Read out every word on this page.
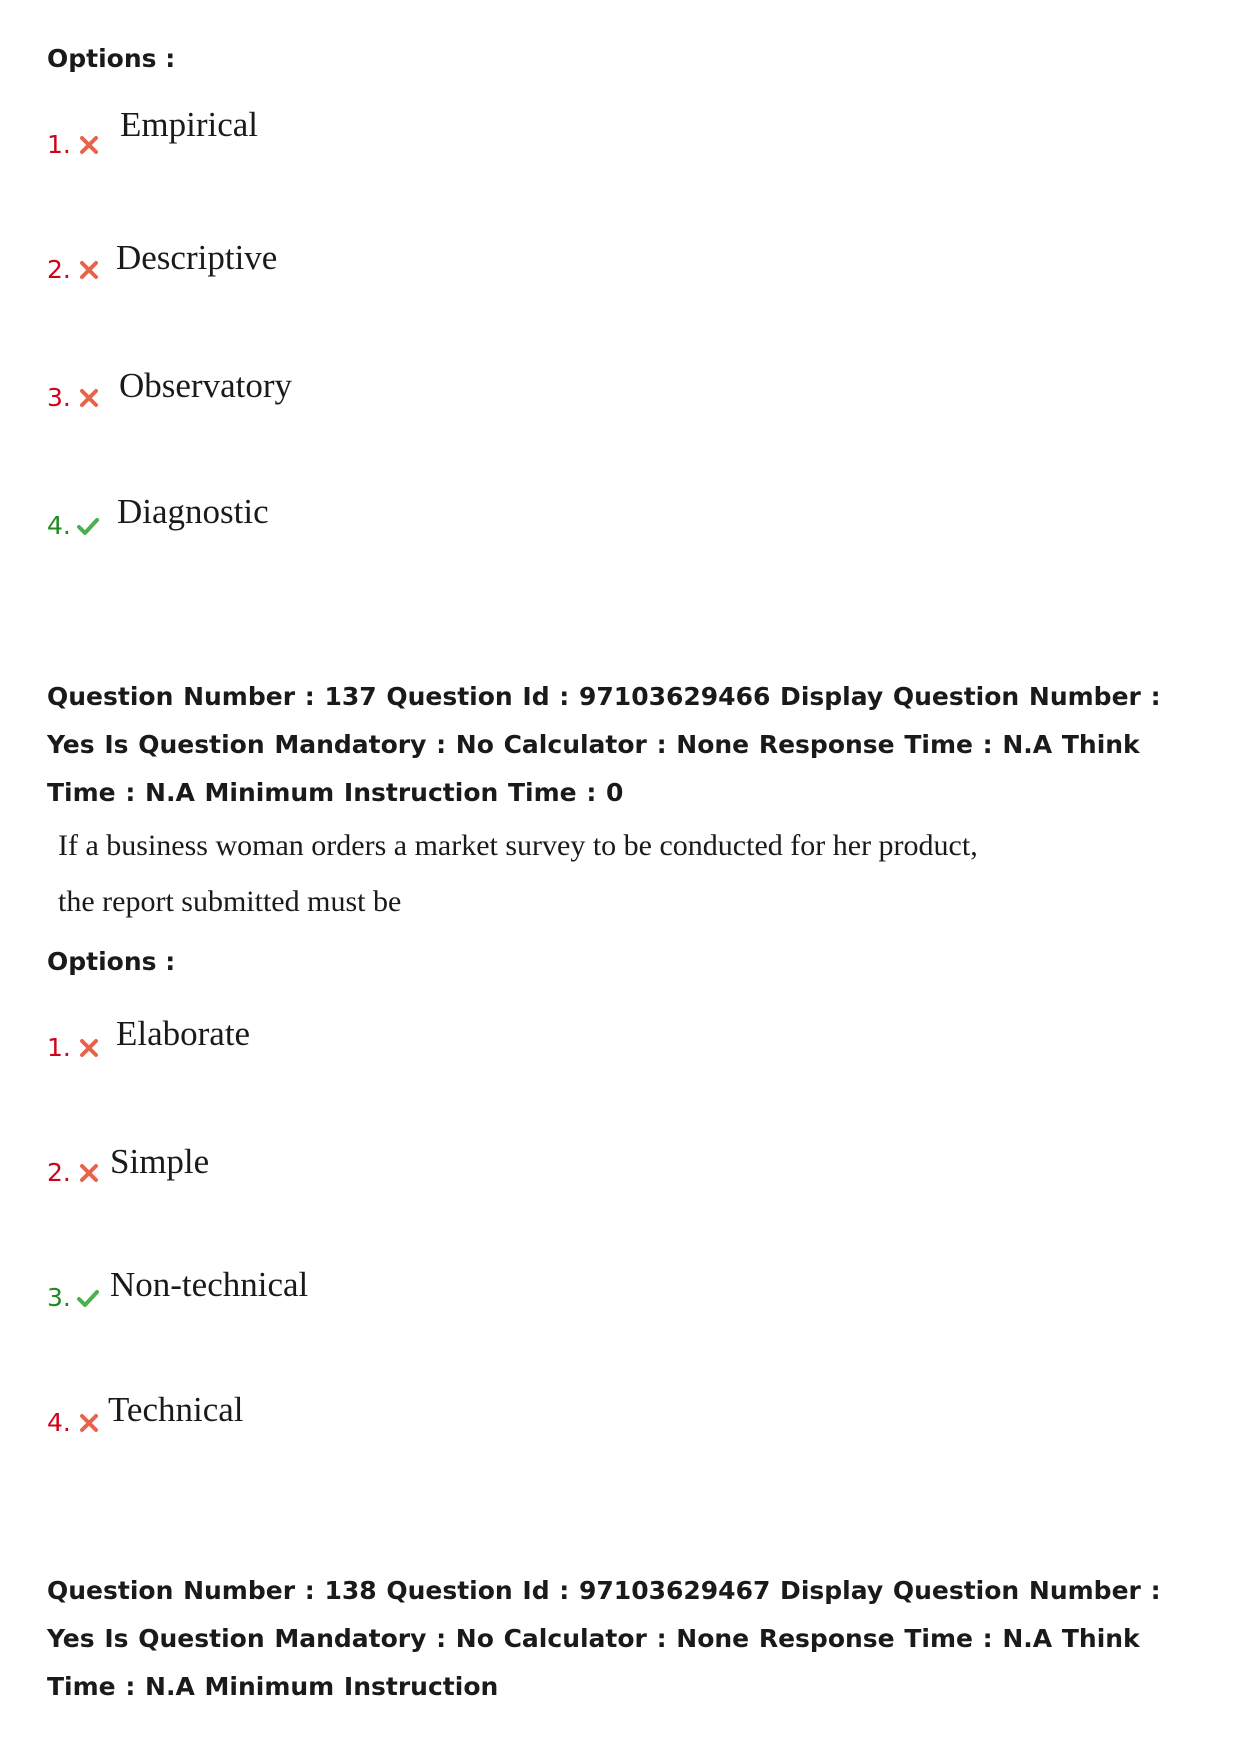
Options :
1.
Empirical
2. Descriptive
3. Observatory
4. Diagnostic
Question Number : 137 Question Id : 97103629466 Display Question Number : Yes Is Question Mandatory : No Calculator : None Response Time : N.A Think Time : N.A Minimum Instruction Time : 0
If a business woman orders a market survey to be conducted for her product,
the report submitted must be
Options :
1. Elaborate
2. Simple
3. Non-technical
4. Technical
Question Number : 138 Question Id : 97103629467 Display Question Number : Yes Is Question Mandatory : No Calculator : None Response Time : N.A Think Time : N.A Minimum Instruction
